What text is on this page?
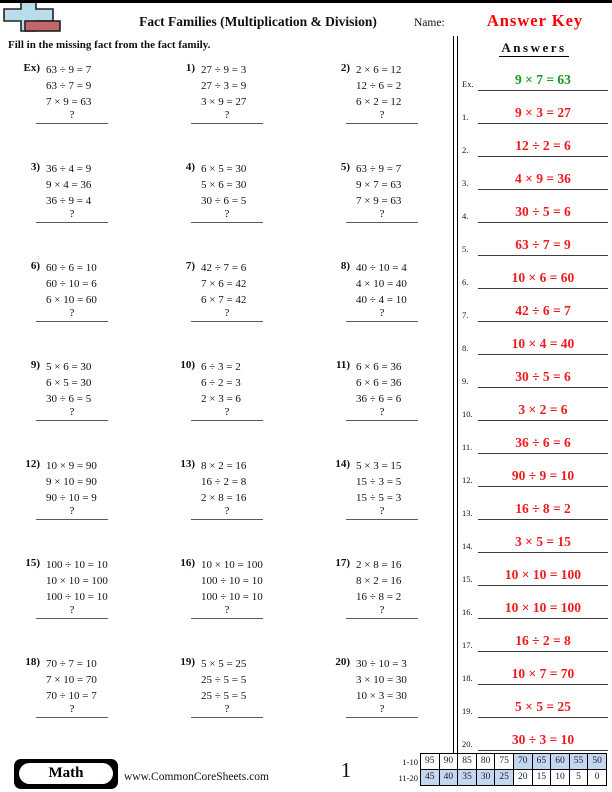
Fact Families (Multiplication & Division)	Name:	Answer Key
Fill in the missing fact from the fact family.	Answers
Ex) 63 ÷ 9 = 7
63 ÷ 7 = 9
7 × 9 = 63
?
1) 27 ÷ 9 = 3
27 ÷ 3 = 9
3 × 9 = 27
?
2) 2 × 6 = 12
12 ÷ 6 = 2
6 × 2 = 12
?
3) 36 ÷ 4 = 9
9 × 4 = 36
36 ÷ 9 = 4
?
4) 6 × 5 = 30
5 × 6 = 30
30 ÷ 6 = 5
?
5) 63 ÷ 9 = 7
9 × 7 = 63
7 × 9 = 63
?
6) 60 ÷ 6 = 10
60 ÷ 10 = 6
6 × 10 = 60
?
7) 42 ÷ 7 = 6
7 × 6 = 42
6 × 7 = 42
?
8) 40 ÷ 10 = 4
4 × 10 = 40
40 ÷ 4 = 10
?
9) 5 × 6 = 30
6 × 5 = 30
30 ÷ 6 = 5
?
10) 6 ÷ 3 = 2
6 ÷ 2 = 3
2 × 3 = 6
?
11) 6 × 6 = 36
6 × 6 = 36
36 ÷ 6 = 6
?
12) 10 × 9 = 90
9 × 10 = 90
90 ÷ 10 = 9
?
13) 8 × 2 = 16
16 ÷ 2 = 8
2 × 8 = 16
?
14) 5 × 3 = 15
15 ÷ 3 = 5
15 ÷ 5 = 3
?
15) 100 ÷ 10 = 10
10 × 10 = 100
100 ÷ 10 = 10
?
16) 10 × 10 = 100
100 ÷ 10 = 10
100 ÷ 10 = 10
?
17) 2 × 8 = 16
8 × 2 = 16
16 ÷ 8 = 2
?
18) 70 ÷ 7 = 10
7 × 10 = 70
70 ÷ 10 = 7
?
19) 5 × 5 = 25
25 ÷ 5 = 5
25 ÷ 5 = 5
?
20) 30 ÷ 10 = 3
3 × 10 = 30
10 × 3 = 30
?
Ex.	9 × 7 = 63
1.	9 × 3 = 27
2.	12 ÷ 2 = 6
3.	4 × 9 = 36
4.	30 ÷ 5 = 6
5.	63 ÷ 7 = 9
6.	10 × 6 = 60
7.	42 ÷ 6 = 7
8.	10 × 4 = 40
9.	30 ÷ 5 = 6
10.	3 × 2 = 6
11.	36 ÷ 6 = 6
12.	90 ÷ 9 = 10
13.	16 ÷ 8 = 2
14.	3 × 5 = 15
15.	10 × 10 = 100
16.	10 × 10 = 100
17.	16 ÷ 2 = 8
18.	10 × 7 = 70
19.	5 × 5 = 25
20.	30 ÷ 3 = 10
Math	www.CommonCoreSheets.com	1	1-10 95 90 85 80 75 70 65 60 55 50
11-20 45 40 35 30 25 20 15 10	5	0
